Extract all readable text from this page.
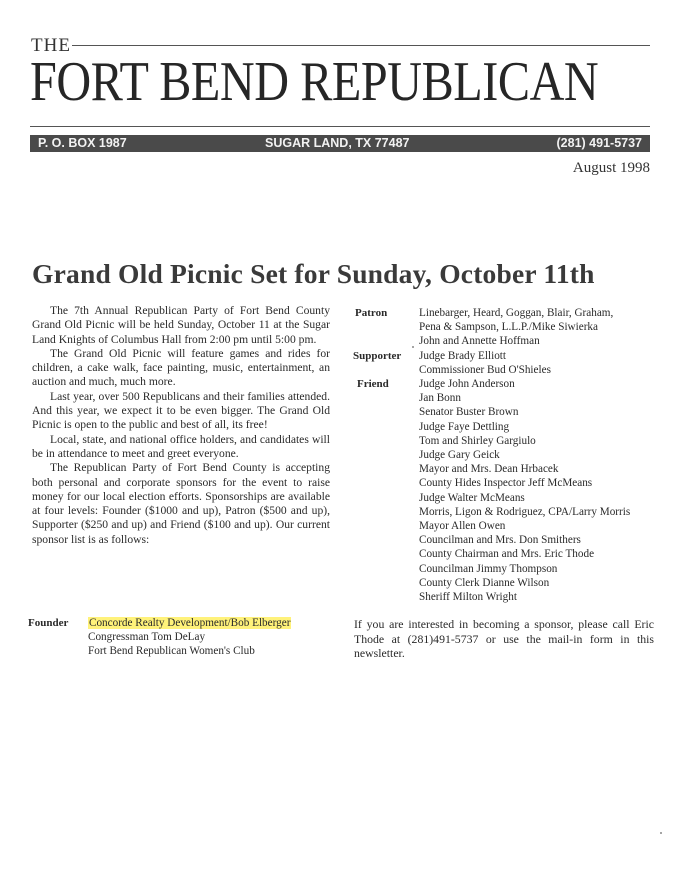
THE
FORT BEND REPUBLICAN
P. O. BOX 1987	SUGAR LAND, TX 77487	(281) 491-5737
August 1998
Grand Old Picnic Set for Sunday, October 11th

The 7th Annual Republican Party of Fort Bend County Grand Old Picnic will be held Sunday, October 11 at the Sugar Land Knights of Columbus Hall from 2:00 pm until 5:00 pm.

The Grand Old Picnic will feature games and rides for children, a cake walk, face painting, music, entertainment, an auction and much, much more.

Last year, over 500 Republicans and their families attended. And this year, we expect it to be even bigger. The Grand Old Picnic is open to the public and best of all, its free!

Local, state, and national office holders, and candidates will be in attendance to meet and greet everyone.

The Republican Party of Fort Bend County is accepting both personal and corporate sponsors for the event to raise money for our local election efforts. Sponsorships are available at four levels: Founder ($1000 and up), Patron ($500 and up), Supporter ($250 and up) and Friend ($100 and up). Our current sponsor list is as follows:

Founder Concorde Realty Development/Bob Elberger
Congressman Tom DeLay
Fort Bend Republican Women's Club
Patron	Linebarger, Heard, Goggan, Blair, Graham,
Pena & Sampson, L.L.P./Mike Siwierka
John and Annette Hoffman
Supporter Judge Brady Elliott
Commissioner Bud O'Shieles
Friend	Judge John Anderson
Jan Bonn
Senator Buster Brown
Judge Faye Dettling
Tom and Shirley Gargiulo
Judge Gary Geick
Mayor and Mrs. Dean Hrbacek
County Hides Inspector Jeff McMeans
Judge Walter McMeans
Morris, Ligon & Rodriguez, CPA/Larry Morris
Mayor Allen Owen
Councilman and Mrs. Don Smithers
County Chairman and Mrs. Eric Thode
Councilman Jimmy Thompson
County Clerk Dianne Wilson
Sheriff Milton Wright
If you are interested in becoming a sponsor, please call Eric Thode at (281)491-5737 or use the mail-in form in this newsletter.
